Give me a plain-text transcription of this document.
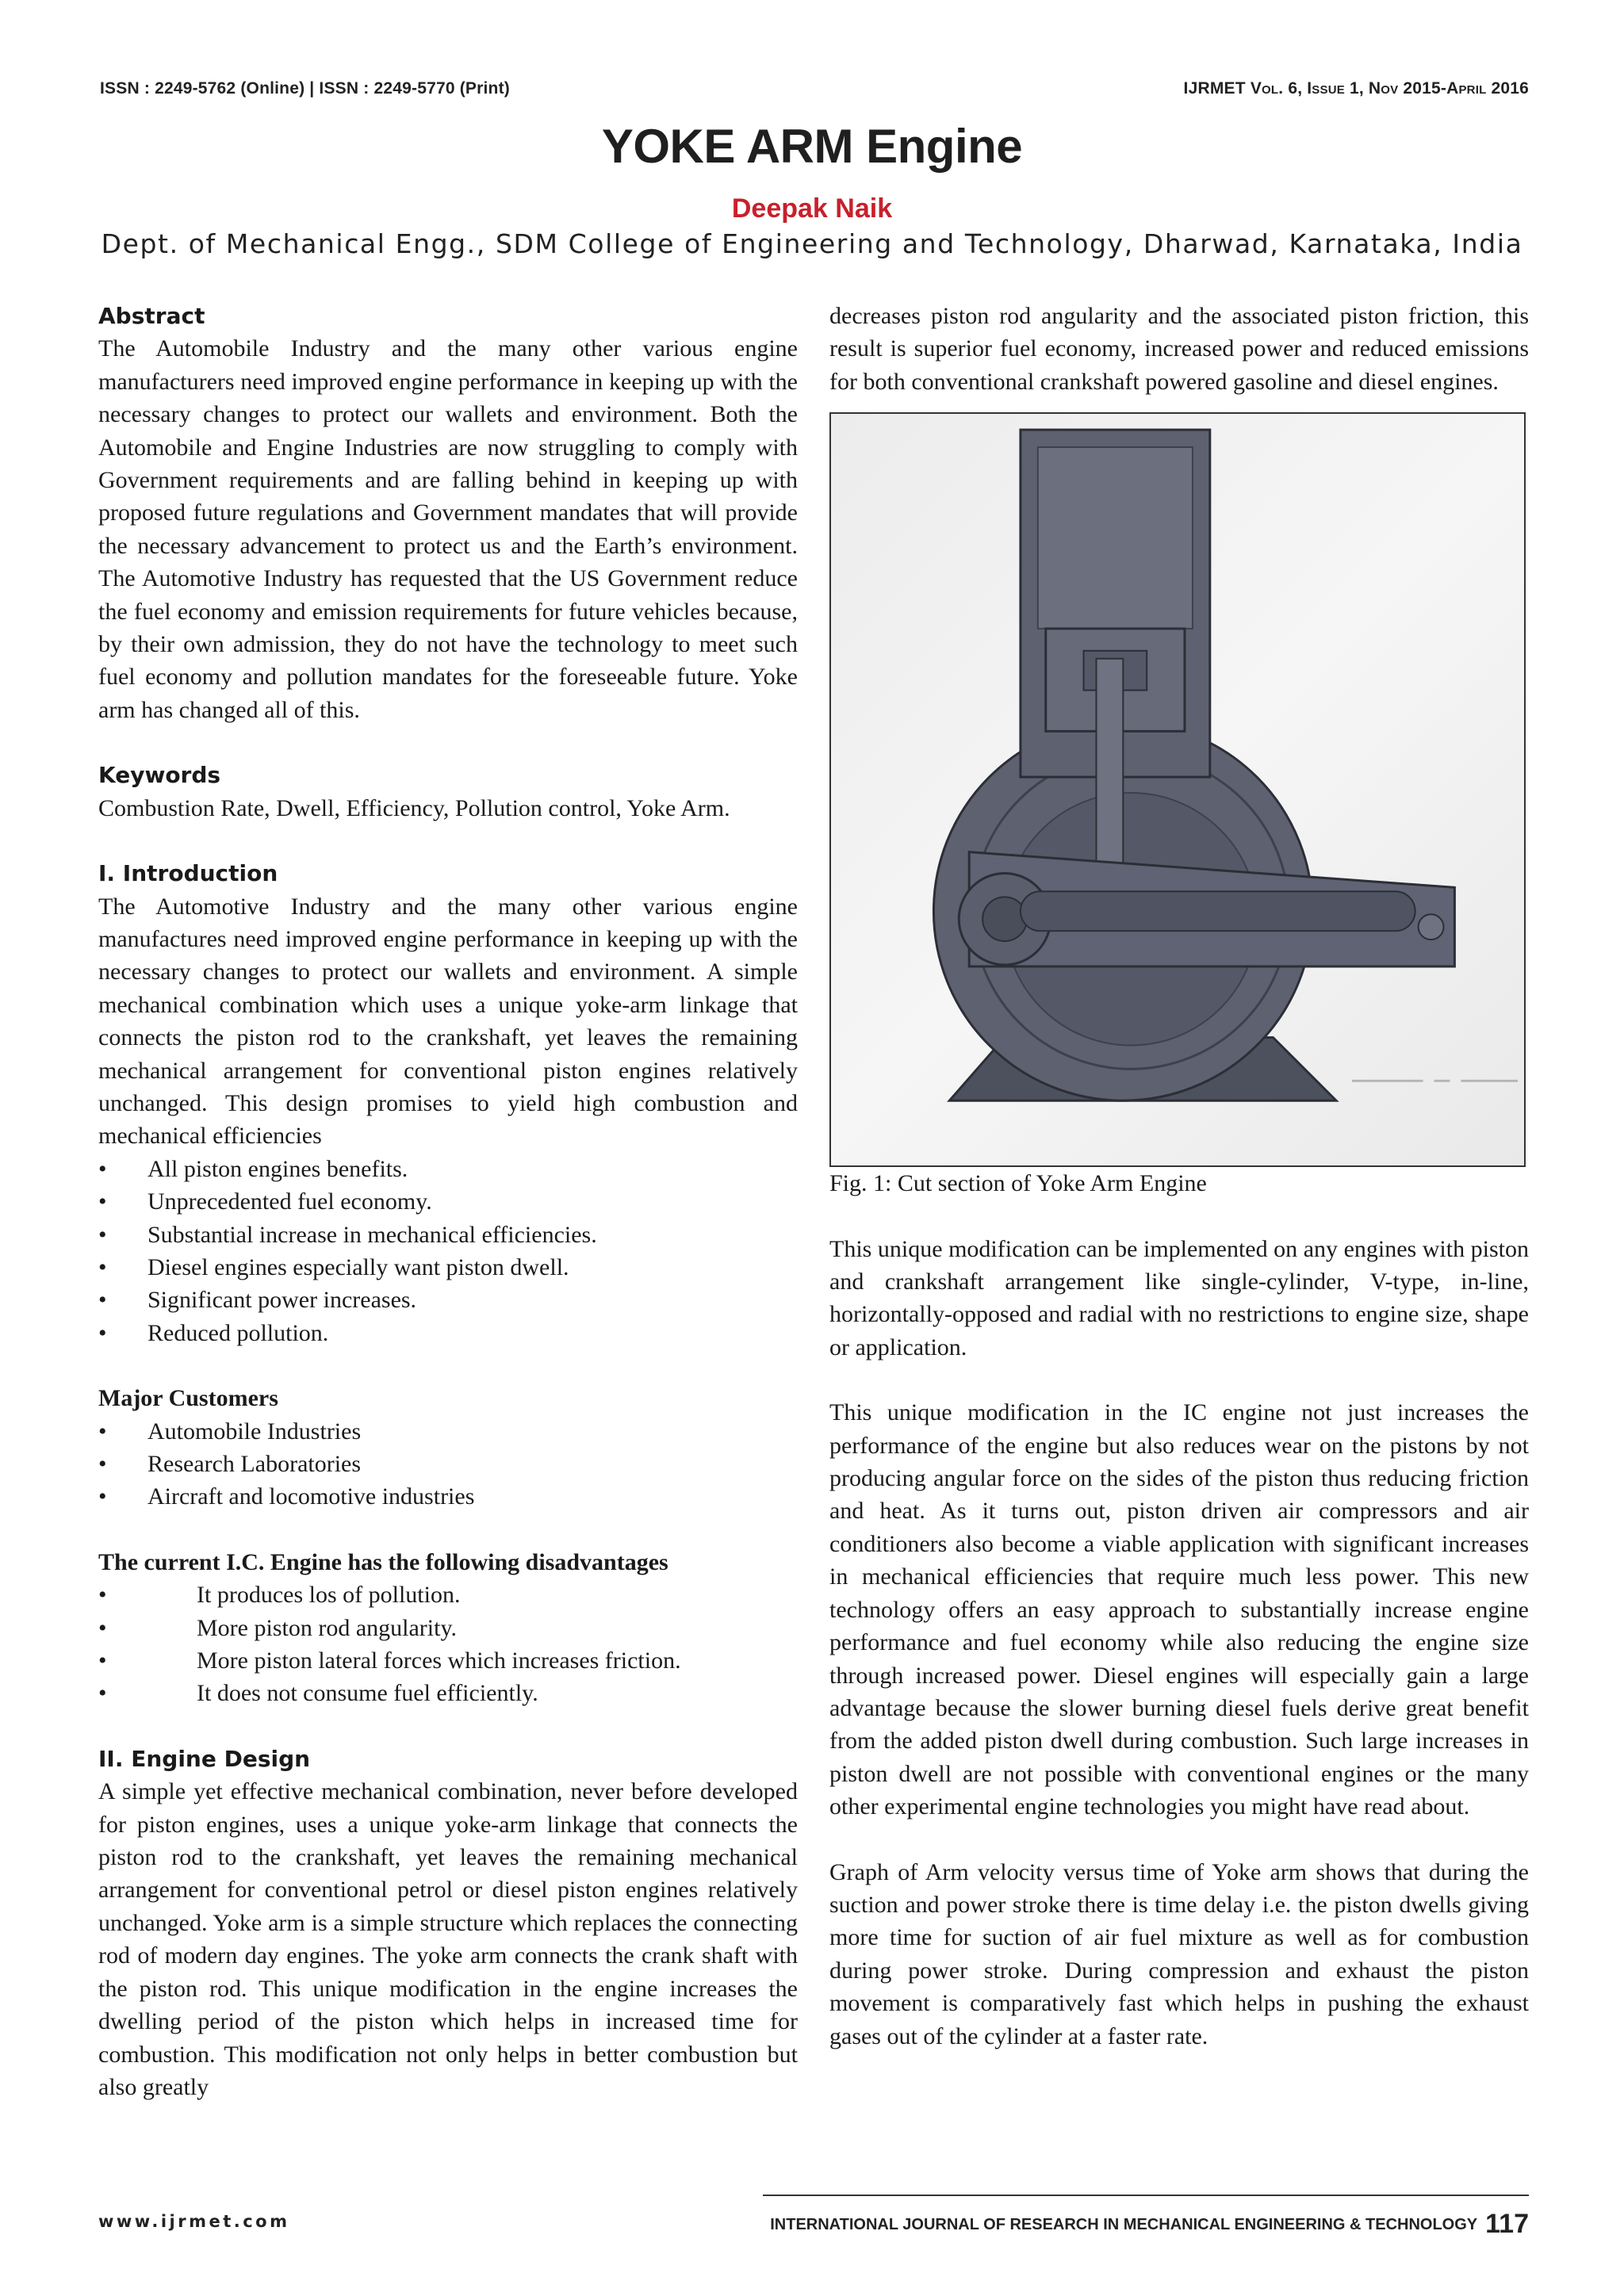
ISSN : 2249-5762 (Online) | ISSN : 2249-5770 (Print)	IJRMET Vol. 6, Issue 1, Nov 2015-April 2016
YOKE ARM Engine
Deepak Naik
Dept. of Mechanical Engg., SDM College of Engineering and Technology, Dharwad, Karnataka, India
Abstract

The Automobile Industry and the many other various engine manufacturers need improved engine performance in keeping up with the necessary changes to protect our wallets and environment. Both the Automobile and Engine Industries are now struggling to comply with Government requirements and are falling behind in keeping up with proposed future regulations and Government mandates that will provide the necessary advancement to protect us and the Earth’s environment. The Automotive Industry has requested that the US Government reduce the fuel economy and emission requirements for future vehicles because, by their own admission, they do not have the technology to meet such fuel economy and pollution mandates for the foreseeable future. Yoke arm has changed all of this.

Keywords

Combustion Rate, Dwell, Efficiency, Pollution control, Yoke Arm.

I. Introduction

The Automotive Industry and the many other various engine manufactures need improved engine performance in keeping up with the necessary changes to protect our wallets and environment. A simple mechanical combination which uses a unique yoke-arm linkage that connects the piston rod to the crankshaft, yet leaves the remaining mechanical arrangement for conventional piston engines relatively unchanged. This design promises to yield high combustion and mechanical efficiencies

• All piston engines benefits.
• Unprecedented fuel economy.
• Substantial increase in mechanical efficiencies.
• Diesel engines especially want piston dwell.
• Significant power increases.
• Reduced pollution.
Major Customers
• Automobile Industries
• Research Laboratories
• Aircraft and locomotive industries
The current I.C. Engine has the following disadvantages
• It produces los of pollution.
• More piston rod angularity.
• More piston lateral forces which increases friction.
• It does not consume fuel efficiently.
II. Engine Design

A simple yet effective mechanical combination, never before developed for piston engines, uses a unique yoke-arm linkage that connects the piston rod to the crankshaft, yet leaves the remaining mechanical arrangement for conventional petrol or diesel piston engines relatively unchanged. Yoke arm is a simple structure which replaces the connecting rod of modern day engines. The yoke arm connects the crank shaft with the piston rod. This unique modification in the engine increases the dwelling period of the piston which helps in increased time for combustion. This modification not only helps in better combustion but also greatly

decreases piston rod angularity and the associated piston friction, this result is superior fuel economy, increased power and reduced emissions for both conventional crankshaft powered gasoline and diesel engines.

Fig. 1: Cut section of Yoke Arm Engine

This unique modification can be implemented on any engines with piston and crankshaft arrangement like single-cylinder, V-type, in-line, horizontally-opposed and radial with no restrictions to engine size, shape or application.

This unique modification in the IC engine not just increases the performance of the engine but also reduces wear on the pistons by not producing angular force on the sides of the piston thus reducing friction and heat. As it turns out, piston driven air compressors and air conditioners also become a viable application with significant increases in mechanical efficiencies that require much less power. This new technology offers an easy approach to substantially increase engine performance and fuel economy while also reducing the engine size through increased power. Diesel engines will especially gain a large advantage because the slower burning diesel fuels derive great benefit from the added piston dwell during combustion. Such large increases in piston dwell are not possible with conventional engines or the many other experimental engine technologies you might have read about.

Graph of Arm velocity versus time of Yoke arm shows that during the suction and power stroke there is time delay i.e. the piston dwells giving more time for suction of air fuel mixture as well as for combustion during power stroke. During compression and exhaust the piston movement is comparatively fast which helps in pushing the exhaust gases out of the cylinder at a faster rate.

www.ijrmet.com	INTERNATIONAL JOURNAL OF RESEARCH IN MECHANICAL ENGINEERING & TECHNOLOGY 117
